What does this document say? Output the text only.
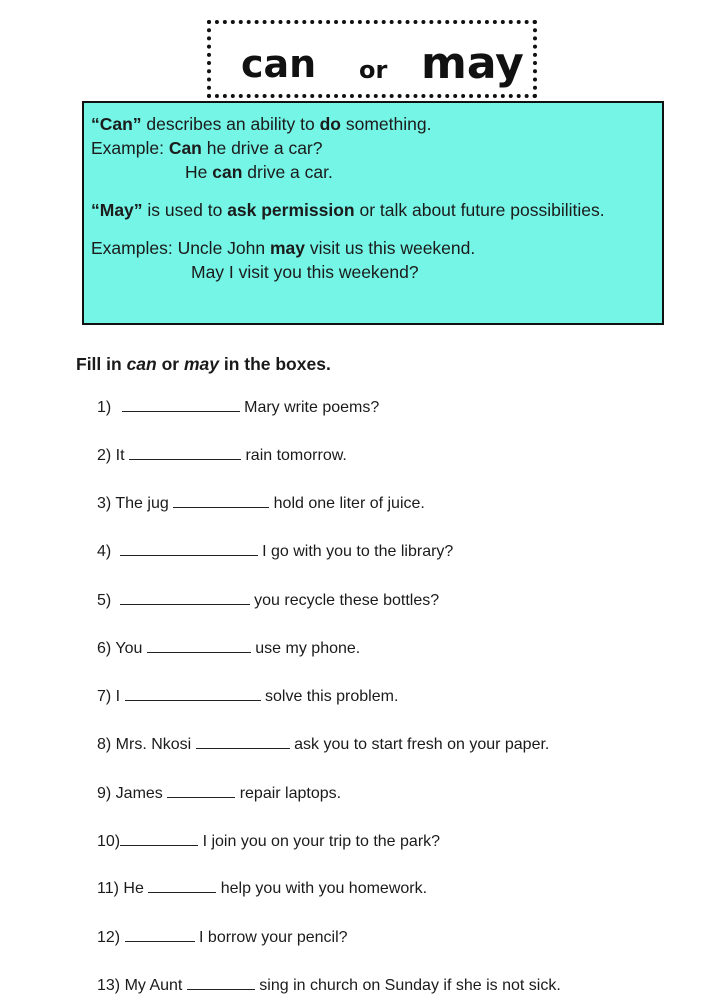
can or may

“Can” describes an ability to do something.

Example: Can he drive a car?

He can drive a car.

“May” is used to ask permission or talk about future possibilities.

Examples: Uncle John may visit us this weekend.

May I visit you this weekend?

Fill in can or may in the boxes.
1)	Mary write poems?
2) It	rain tomorrow.
3) The jug	hold one liter of juice.
4)	I go with you to the library?
5)	you recycle these bottles?
6) You	use my phone.
7) I	solve this problem.
8) Mrs. Nkosi	ask you to start fresh on your paper.
9) James	repair laptops.
10)	I join you on your trip to the park?
11) He	help you with you homework.
12)	I borrow your pencil?
13) My Aunt	sing in church on Sunday if she is not sick.
